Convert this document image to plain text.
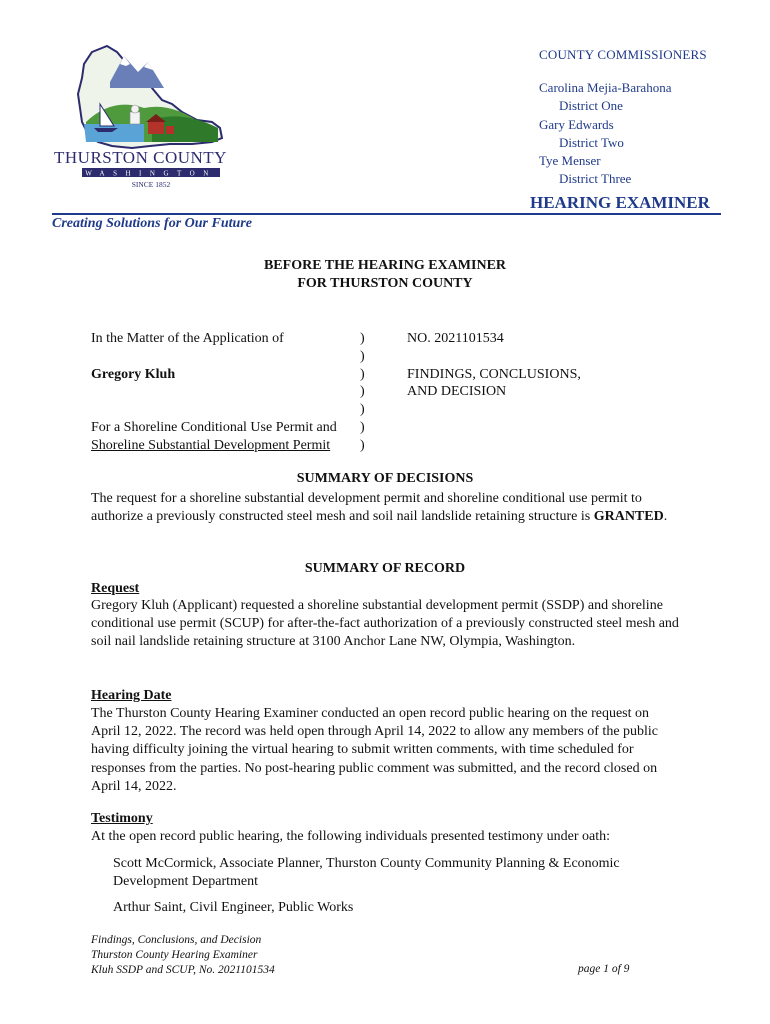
THURSTON COUNTY
WASHINGTON
SINCE 1852
COUNTY COMMISSIONERS
Carolina Mejia-Barahona
District One
Gary Edwards
District Two
Tye Menser
District Three
HEARING EXAMINER
Creating Solutions for Our Future
BEFORE THE HEARING EXAMINER
FOR THURSTON COUNTY
In the Matter of the Application of
Gregory Kluh
For a Shoreline Conditional Use Permit and
Shoreline Substantial Development Permit
)
)
)
)
)
)
)
NO. 2021101534
FINDINGS, CONCLUSIONS,
AND DECISION
SUMMARY OF DECISIONS
The request for a shoreline substantial development permit and shoreline conditional use permit to authorize a previously constructed steel mesh and soil nail landslide retaining structure is GRANTED.
SUMMARY OF RECORD
Request
Gregory Kluh (Applicant) requested a shoreline substantial development permit (SSDP) and shoreline conditional use permit (SCUP) for after-the-fact authorization of a previously constructed steel mesh and soil nail landslide retaining structure at 3100 Anchor Lane NW, Olympia, Washington.
Hearing Date
The Thurston County Hearing Examiner conducted an open record public hearing on the request on April 12, 2022. The record was held open through April 14, 2022 to allow any members of the public having difficulty joining the virtual hearing to submit written comments, with time scheduled for responses from the parties. No post-hearing public comment was submitted, and the record closed on April 14, 2022.
Testimony
At the open record public hearing, the following individuals presented testimony under oath:
Scott McCormick, Associate Planner, Thurston County Community Planning & Economic Development Department
Arthur Saint, Civil Engineer, Public Works
Findings, Conclusions, and Decision
Thurston County Hearing Examiner
Kluh SSDP and SCUP, No. 2021101534	page 1 of 9
